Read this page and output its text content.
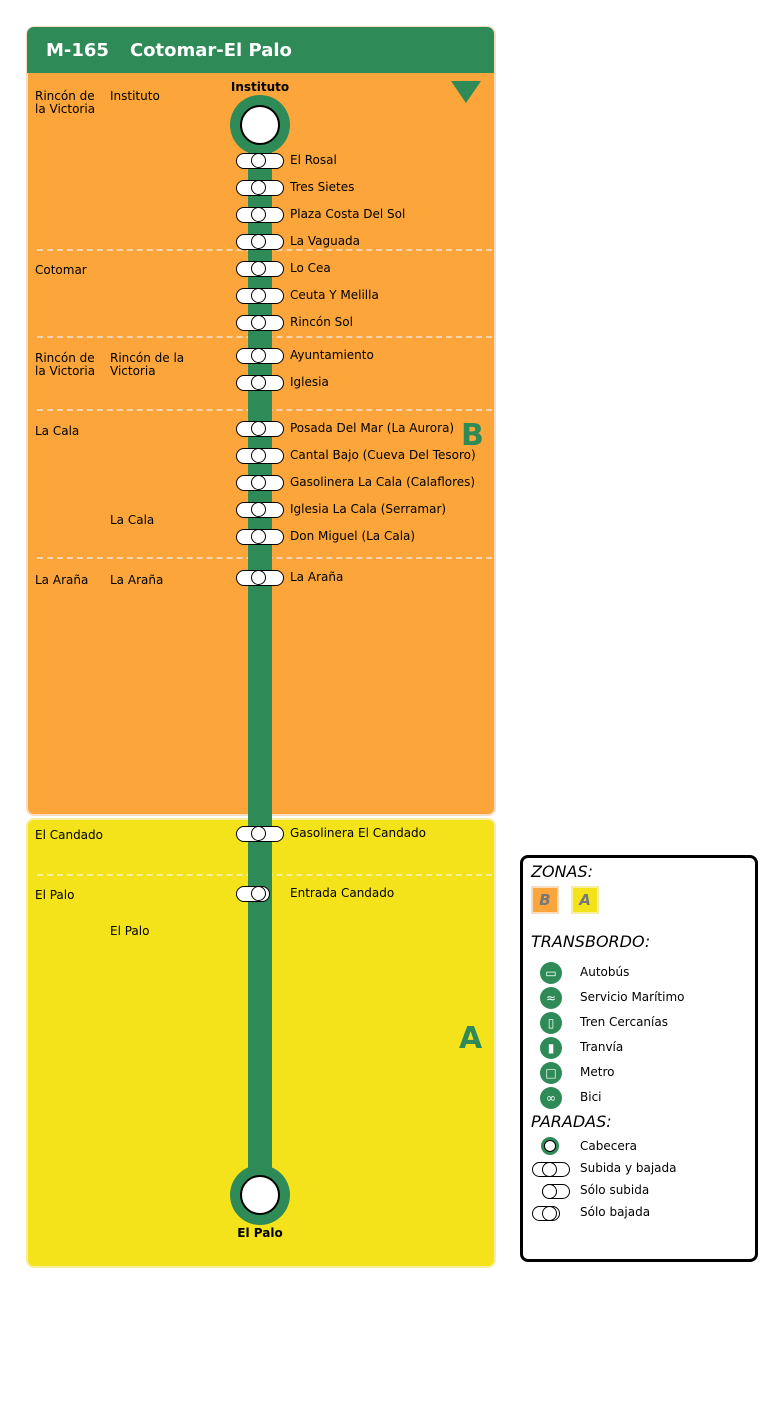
M-165 Cotomar-El Palo
B
A
Instituto
El Palo
El Rosal
Tres Sietes
Plaza Costa Del Sol
La Vaguada
Lo Cea
Ceuta Y Melilla
Rincón Sol
Ayuntamiento
Iglesia
Posada Del Mar (La Aurora)
Cantal Bajo (Cueva Del Tesoro)
Gasolinera La Cala (Calaflores)
Iglesia La Cala (Serramar)
Don Miguel (La Cala)
La Araña
Gasolinera El Candado
Entrada Candado
Rincón de la Victoria
Cotomar
Rincón de la Victoria
La Cala
La Araña
El Candado
El Palo
Instituto
Rincón de la Victoria
La Cala
La Araña
El Palo
ZONAS:
B	A
TRANSBORDO:
▭	Autobús
≈	Servicio Marítimo
▯	Tren Cercanías
▮	Tranvía
□	Metro
∞	Bici
PARADAS:
Cabecera
Subida y bajada
Sólo subida
Sólo bajada
